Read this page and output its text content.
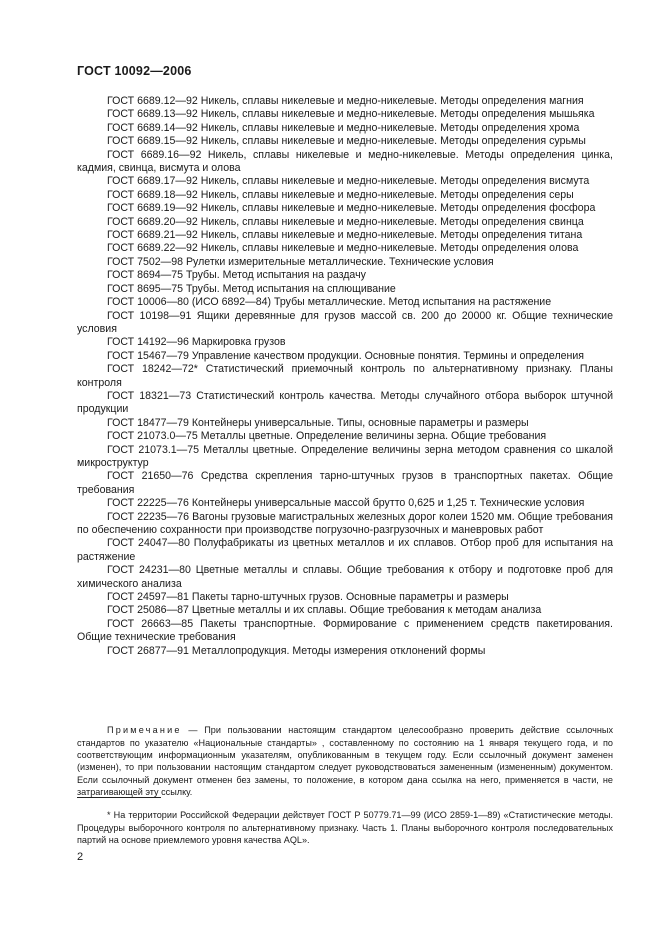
ГОСТ 10092—2006

ГОСТ 6689.12—92 Никель, сплавы никелевые и медно-никелевые. Методы определения магния

ГОСТ 6689.13—92 Никель, сплавы никелевые и медно-никелевые. Методы определения мышьяка

ГОСТ 6689.14—92 Никель, сплавы никелевые и медно-никелевые. Методы определения хрома

ГОСТ 6689.15—92 Никель, сплавы никелевые и медно-никелевые. Методы определения сурьмы

ГОСТ 6689.16—92 Никель, сплавы никелевые и медно-никелевые. Методы определения цинка, кадмия, свинца, висмута и олова

ГОСТ 6689.17—92 Никель, сплавы никелевые и медно-никелевые. Методы определения висмута

ГОСТ 6689.18—92 Никель, сплавы никелевые и медно-никелевые. Методы определения серы

ГОСТ 6689.19—92 Никель, сплавы никелевые и медно-никелевые. Методы определения фосфора

ГОСТ 6689.20—92 Никель, сплавы никелевые и медно-никелевые. Методы определения свинца

ГОСТ 6689.21—92 Никель, сплавы никелевые и медно-никелевые. Методы определения титана

ГОСТ 6689.22—92 Никель, сплавы никелевые и медно-никелевые. Методы определения олова

ГОСТ 7502—98 Рулетки измерительные металлические. Технические условия

ГОСТ 8694—75 Трубы. Метод испытания на раздачу

ГОСТ 8695—75 Трубы. Метод испытания на сплющивание

ГОСТ 10006—80 (ИСО 6892—84) Трубы металлические. Метод испытания на растяжение

ГОСТ 10198—91 Ящики деревянные для грузов массой св. 200 до 20000 кг. Общие технические условия

ГОСТ 14192—96 Маркировка грузов

ГОСТ 15467—79 Управление качеством продукции. Основные понятия. Термины и определения

ГОСТ 18242—72* Статистический приемочный контроль по альтернативному признаку. Планы контроля

ГОСТ 18321—73 Статистический контроль качества. Методы случайного отбора выборок штучной продукции

ГОСТ 18477—79 Контейнеры универсальные. Типы, основные параметры и размеры

ГОСТ 21073.0—75 Металлы цветные. Определение величины зерна. Общие требования

ГОСТ 21073.1—75 Металлы цветные. Определение величины зерна методом сравнения со шкалой микроструктур

ГОСТ 21650—76 Средства скрепления тарно-штучных грузов в транспортных пакетах. Общие требования

ГОСТ 22225—76 Контейнеры универсальные массой брутто 0,625 и 1,25 т. Технические условия

ГОСТ 22235—76 Вагоны грузовые магистральных железных дорог колеи 1520 мм. Общие требования по обеспечению сохранности при производстве погрузочно-разгрузочных и маневровых работ

ГОСТ 24047—80 Полуфабрикаты из цветных металлов и их сплавов. Отбор проб для испытания на растяжение

ГОСТ 24231—80 Цветные металлы и сплавы. Общие требования к отбору и подготовке проб для химического анализа

ГОСТ 24597—81 Пакеты тарно-штучных грузов. Основные параметры и размеры

ГОСТ 25086—87 Цветные металлы и их сплавы. Общие требования к методам анализа

ГОСТ 26663—85 Пакеты транспортные. Формирование с применением средств пакетирования. Общие технические требования

ГОСТ 26877—91 Металлопродукция. Методы измерения отклонений формы

Примечание — При пользовании настоящим стандартом целесообразно проверить действие ссылочных стандартов по указателю «Национальные стандарты» , составленному по состоянию на 1 января текущего года, и по соответствующим информационным указателям, опубликованным в текущем году. Если ссылочный документ заменен (изменен), то при пользовании настоящим стандартом следует руководствоваться замененным (измененным) документом. Если ссылочный документ отменен без замены, то положение, в котором дана ссылка на него, применяется в части, не затрагивающей эту ссылку.

* На территории Российской Федерации действует ГОСТ Р 50779.71—99 (ИСО 2859-1—89) «Статистические методы. Процедуры выборочного контроля по альтернативному признаку. Часть 1. Планы выборочного контроля последовательных партий на основе приемлемого уровня качества AQL».

2
